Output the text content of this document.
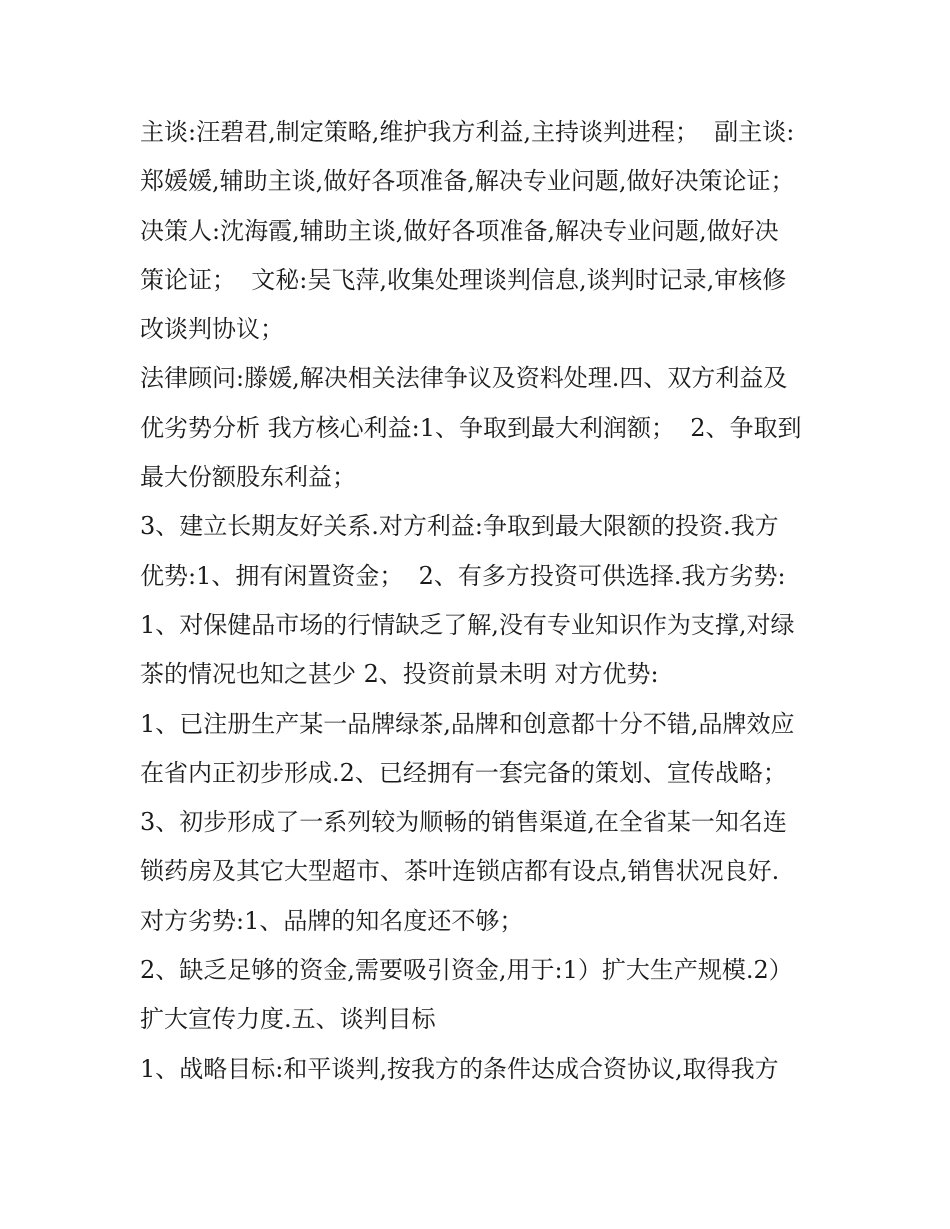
主谈:汪碧君,制定策略,维护我方利益,主持谈判进程；  副主谈:
郑媛媛,辅助主谈,做好各项准备,解决专业问题,做好决策论证；
决策人:沈海霞,辅助主谈,做好各项准备,解决专业问题,做好决
策论证；  文秘:吴飞萍,收集处理谈判信息,谈判时记录,审核修
改谈判协议；
法律顾问:滕媛,解决相关法律争议及资料处理.四、双方利益及
优劣势分析 我方核心利益:1、争取到最大利润额；  2、争取到
最大份额股东利益；
3、建立长期友好关系.对方利益:争取到最大限额的投资.我方
优势:1、拥有闲置资金；  2、有多方投资可供选择.我方劣势:
1、对保健品市场的行情缺乏了解,没有专业知识作为支撑,对绿
茶的情况也知之甚少 2、投资前景未明 对方优势:
1、已注册生产某一品牌绿茶,品牌和创意都十分不错,品牌效应
在省内正初步形成.2、已经拥有一套完备的策划、宣传战略；
3、初步形成了一系列较为顺畅的销售渠道,在全省某一知名连
锁药房及其它大型超市、茶叶连锁店都有设点,销售状况良好.
对方劣势:1、品牌的知名度还不够；
2、缺乏足够的资金,需要吸引资金,用于:1）扩大生产规模.2）
扩大宣传力度.五、谈判目标
1、战略目标:和平谈判,按我方的条件达成合资协议,取得我方
